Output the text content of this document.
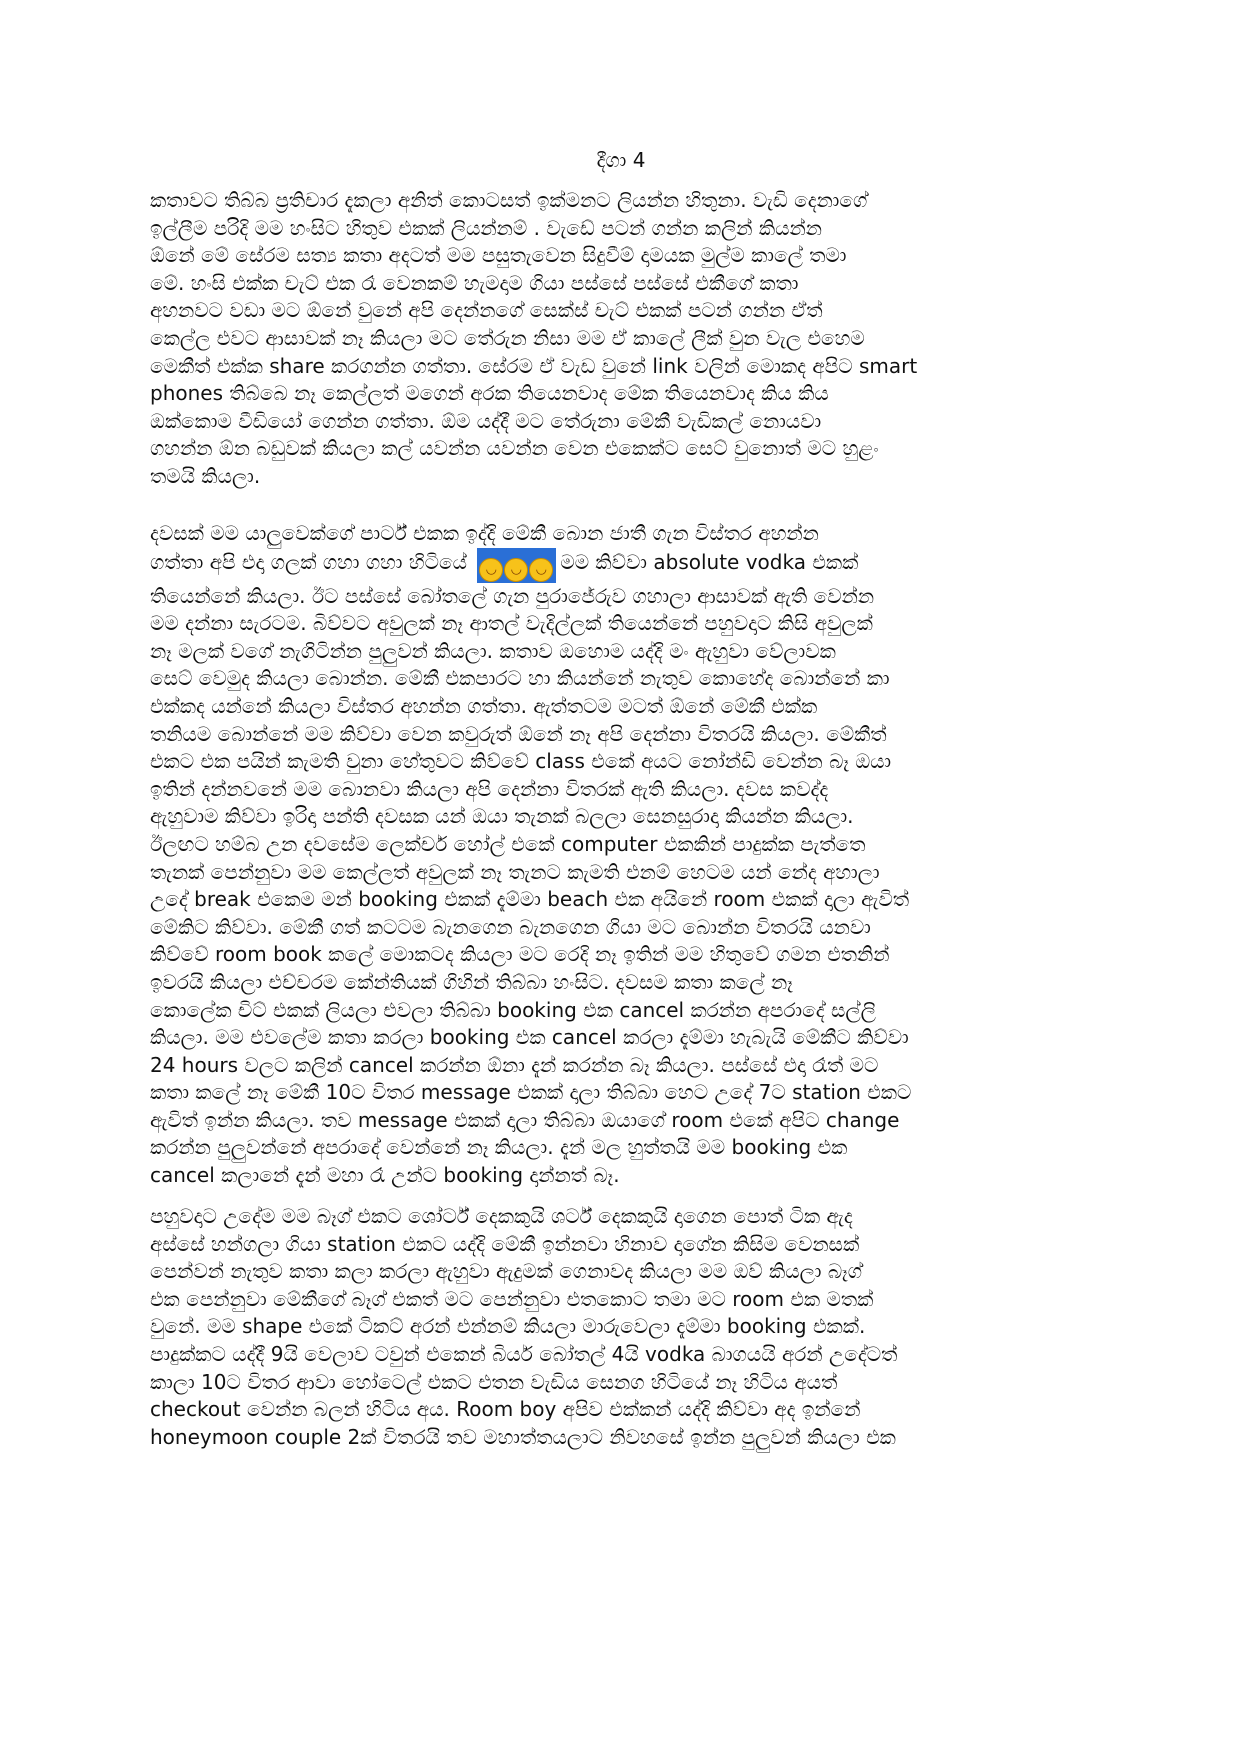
දීගා 4
කතාවට තිබ්බ ප්‍රතිචාර දැකලා අනිත් කොටසත් ඉක්මනට ලියන්න හිතුනා. වැඩි දෙනාගේ
ඉල්ලීම පරිදි මම හංසිට හිතුව එකක් ලියන්නම් . වැඩේ පටන් ගන්න කලින් කියන්න
ඕනේ මේ සේරම සත්‍ය කතා අදටත් මම පසුතැවෙන සිදුවීම් දාමයක මුල්ම කාලේ තමා
මේ. හංසි එක්ක චැට් එක රෑ වෙනකම් හැමදාම ගියා පස්සේ පස්සේ එකීගේ කතා
අහනවට වඩා මට ඕනේ වුනේ අපි දෙන්නගේ සෙක්ස් චැට් එකක් පටන් ගන්න ඒත්
කෙල්ල එවට ආසාවක් නෑ කියලා මට තේරුන නිසා මම ඒ කාලේ ලීක් වුන වැල එහෙම
මෙකීත් එක්ක share කරගන්න ගත්තා. සේරම ඒ වැඩ වුනේ link වලින් මොකද අපිට smart
phones තිබ්බෙ නෑ කෙල්ලත් මගෙන් අරක තියෙනවාද මේක තියෙනවාද කිය කිය
ඔක්කොම වීඩියෝ ගෙන්න ගත්තා. ඕම යද්දී මට තේරුනා මේකී වැඩිකල් නොයවා
ගහන්න ඕන බඩුවක් කියලා කල් යවන්න යවන්න වෙන එකෙක්ට සෙට් වුනොත් මට හුළං
තමයි කියලා.
දවසක් මම යාලුවෙක්ගේ පාර්ට් එකක ඉද්දි මේකී බොන ජාතී ගැන විස්තර අහන්න
ගත්තා අපි එදා ගලක් ගහා ගහා හිටියේ ◡ ◡ ◡ මම කිව්වා absolute vodka එකක්
තියෙන්නේ කියලා. ඊට පස්සේ බෝතලේ ගැන පුරාජේරුව ගහාලා ආසාවක් ඇති වෙන්න
මම දන්නා සැරටම. බිව්වට අවුලක් නෑ ආතල් වැදිල්ලක් තියෙන්නේ පහුවදාට කිසි අවුලක්
නෑ මලක් වගේ නැගිටින්න පුලුවන් කියලා. කතාව ඔහොම යද්දි මං ඇහුවා වේලාවක
සෙට් වෙමුද කියලා බොන්න. මේකී එකපාරට හා කියන්නේ නැතුව කොහේද බොන්නේ කා
එක්කද යන්නේ කියලා විස්තර අහන්න ගත්තා. ඇත්තටම මටත් ඕනේ මේකී එක්ක
තනියම බොන්නේ මම කිව්වා වෙන කවුරුත් ඕනේ නෑ අපි දෙන්නා විතරයි කියලා. මේකීත්
එකට එක පයින් කැමති වුනා හේතුවට කිව්වේ class එකේ අයට නෝන්ඩි වෙන්න බෑ ඔයා
ඉතින් දන්නවනේ මම බොනවා කියලා අපි දෙන්නා විතරක් ඇති කියලා. දවස කවද්ද
ඇහුවාම කිව්වා ඉරිදා පන්ති දවසක යන් ඔයා තැනක් බලලා සෙනසුරාදා කියන්න කියලා.
ඊලඟට හම්බ උන දවසේම ලෙක්චර් හෝල් එකේ computer එකකින් පාදුක්ක පැත්තෙ
තැනක් පෙන්නුවා මම කෙල්ලත් අවුලක් නෑ තැනට කැමති එනම් හෙටම යන් නේද අහාලා
උදේ break එකෙම මන් booking එකක් දැම්මා beach එක අයිනේ room එකක් දාලා ඇවිත්
මේකිට කිව්වා. මේකී ගත් කටටම බැනගෙන බැනගෙන ගියා මට බොන්න විතරයි යනවා
කිව්වේ room book කලේ මොකටද කියලා මට රෙදි නෑ ඉතින් මම හිතුවේ ගමන එතනින්
ඉවරයි කියලා එච්චරම කේන්තියක් ගිහින් තිබ්බා හංසිට. දවසම කතා කලේ නෑ
කොලේක චිට් එකක් ලියලා එවලා තිබ්බා booking එක cancel කරන්න අපරාදේ සල්ලි
කියලා. මම එවලේම කතා කරලා booking එක cancel කරලා දැම්මා හැබැයි මේකීට කිව්වා
24 hours වලට කලින් cancel කරන්න ඕනා දැන් කරන්න බෑ කියලා. පස්සේ එදා රෑත් මට
කතා කලේ නෑ මේකී 10ට විතර message එකක් දාලා තිබ්බා හෙට උදේ 7ට station එකට
ඇවිත් ඉන්න කියලා. තව message එකක් දාලා තිබ්බා ඔයාගේ room එකේ අපිට change
කරන්න පුලුවන්නේ අපරාදේ වෙන්නේ නෑ කියලා. දැන් මල හුත්තයි මම booking එක
cancel කලානේ දැන් මහා රෑ උන්ට booking දාන්නත් බෑ.
පහුවදාට උදේම මම බෑග් එකට ශෝර්ට් දෙකකුයි ශර්ට් දෙකකුයි දාගෙන පොත් ටික ඇද
අස්සේ හන්ගලා ගියා station එකට යද්දි මේකී ඉන්නවා හිනාව දාගේන කිසිම වෙනසක්
පෙන්වන් නැතුව කතා කලා කරලා ඇහුවා ඇදුමක් ගෙනාවද කියලා මම ඔව් කියලා බෑග්
එක පෙන්නුවා මේකීගේ බෑග් එකත් මට පෙන්නුවා එතකොට තමා මට room එක මතක්
වුනේ. මම shape එකේ ටිකට් අරන් එන්නම් කියලා මාරුවෙලා දැම්මා booking එකක්.
පාදුක්කට යද්දී 9යි වෙලාව ටවුන් එකෙන් බියර් බෝතල් 4යි vodka බාගයයි අරන් උදේටත්
කාලා 10ට විතර ආවා හෝටෙල් එකට එතන වැඩිය සෙනග හිටියේ නෑ හිටිය අයත්
checkout වෙන්න බලන් හිටිය අය. Room boy අපිව එක්කන් යද්දි කිව්වා අද ඉන්නේ
honeymoon couple 2ක් විතරයි තව මහාත්තයලාට නිවහසේ ඉන්න පුලුවන් කියලා එක
